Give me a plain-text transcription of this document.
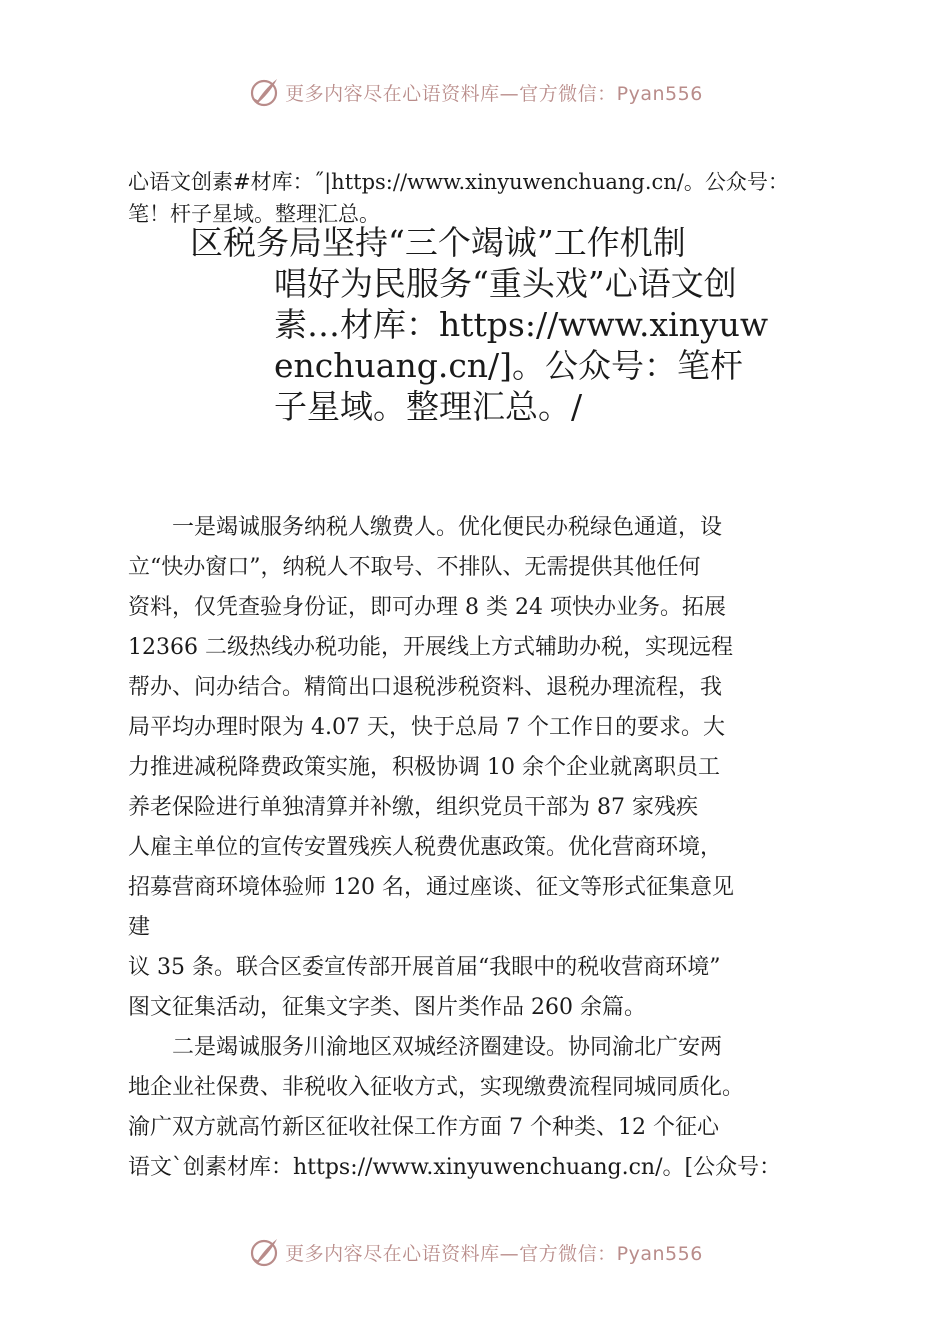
更多内容尽在心语资料库—官方微信：Pyan556
心语文创素#材库：˝|https://www.xinyuwenchuang.cn/。公众号：笔！杆子星域。整理汇总。
区税务局坚持“三个竭诚”工作机制
唱好为民服务“重头戏”心语文创素…材库：https://www.xinyuwenchuang.cn/]。公众号：笔杆子星域。整理汇总。/
一是竭诚服务纳税人缴费人。优化便民办税绿色通道，设
立“快办窗口”，纳税人不取号、不排队、无需提供其他任何
资料，仅凭查验身份证，即可办理 8 类 24 项快办业务。拓展
12366 二级热线办税功能，开展线上方式辅助办税，实现远程
帮办、问办结合。精简出口退税涉税资料、退税办理流程，我
局平均办理时限为 4.07 天，快于总局 7 个工作日的要求。大
力推进减税降费政策实施，积极协调 10 余个企业就离职员工
养老保险进行单独清算并补缴，组织党员干部为 87 家残疾
人雇主单位的宣传安置残疾人税费优惠政策。优化营商环境，
招募营商环境体验师 120 名，通过座谈、征文等形式征集意见
建
议 35 条。联合区委宣传部开展首届“我眼中的税收营商环境”
图文征集活动，征集文字类、图片类作品 260 余篇。
二是竭诚服务川渝地区双城经济圈建设。协同渝北广安两
地企业社保费、非税收入征收方式，实现缴费流程同城同质化。
渝广双方就高竹新区征收社保工作方面 7 个种类、12 个征心
语文`创素材库：https://www.xinyuwenchuang.cn/。[公众号：
更多内容尽在心语资料库—官方微信：Pyan556
